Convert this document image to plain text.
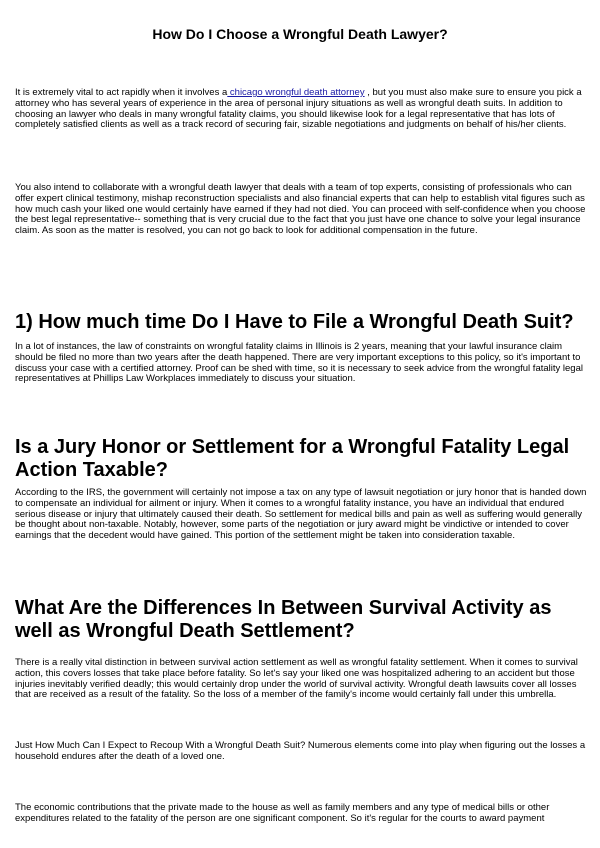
How Do I Choose a Wrongful Death Lawyer?

It is extremely vital to act rapidly when it involves a chicago wrongful death attorney , but you must also make sure to ensure you pick a attorney who has several years of experience in the area of personal injury situations as well as wrongful death suits. In addition to choosing an lawyer who deals in many wrongful fatality claims, you should likewise look for a legal representative that has lots of completely satisfied clients as well as a track record of securing fair, sizable negotiations and judgments on behalf of his/her clients.

You also intend to collaborate with a wrongful death lawyer that deals with a team of top experts, consisting of professionals who can offer expert clinical testimony, mishap reconstruction specialists and also financial experts that can help to establish vital figures such as how much cash your liked one would certainly have earned if they had not died. You can proceed with self-confidence when you choose the best legal representative-- something that is very crucial due to the fact that you just have one chance to solve your legal insurance claim. As soon as the matter is resolved, you can not go back to look for additional compensation in the future.

1) How much time Do I Have to File a Wrongful Death Suit?

In a lot of instances, the law of constraints on wrongful fatality claims in Illinois is 2 years, meaning that your lawful insurance claim should be filed no more than two years after the death happened. There are very important exceptions to this policy, so it's important to discuss your case with a certified attorney. Proof can be shed with time, so it is necessary to seek advice from the wrongful fatality legal representatives at Phillips Law Workplaces immediately to discuss your situation.

Is a Jury Honor or Settlement for a Wrongful Fatality Legal Action Taxable?

According to the IRS, the government will certainly not impose a tax on any type of lawsuit negotiation or jury honor that is handed down to compensate an individual for ailment or injury. When it comes to a wrongful fatality instance, you have an individual that endured serious disease or injury that ultimately caused their death. So settlement for medical bills and pain as well as suffering would generally be thought about non-taxable. Notably, however, some parts of the negotiation or jury award might be vindictive or intended to cover earnings that the decedent would have gained. This portion of the settlement might be taken into consideration taxable.

What Are the Differences In Between Survival Activity as well as Wrongful Death Settlement?

There is a really vital distinction in between survival action settlement as well as wrongful fatality settlement. When it comes to survival action, this covers losses that take place before fatality. So let's say your liked one was hospitalized adhering to an accident but those injuries inevitably verified deadly; this would certainly drop under the world of survival activity. Wrongful death lawsuits cover all losses that are received as a result of the fatality. So the loss of a member of the family's income would certainly fall under this umbrella.

Just How Much Can I Expect to Recoup With a Wrongful Death Suit? Numerous elements come into play when figuring out the losses a household endures after the death of a loved one.

The economic contributions that the private made to the house as well as family members and any type of medical bills or other expenditures related to the fatality of the person are one significant component. So it's regular for the courts to award payment
